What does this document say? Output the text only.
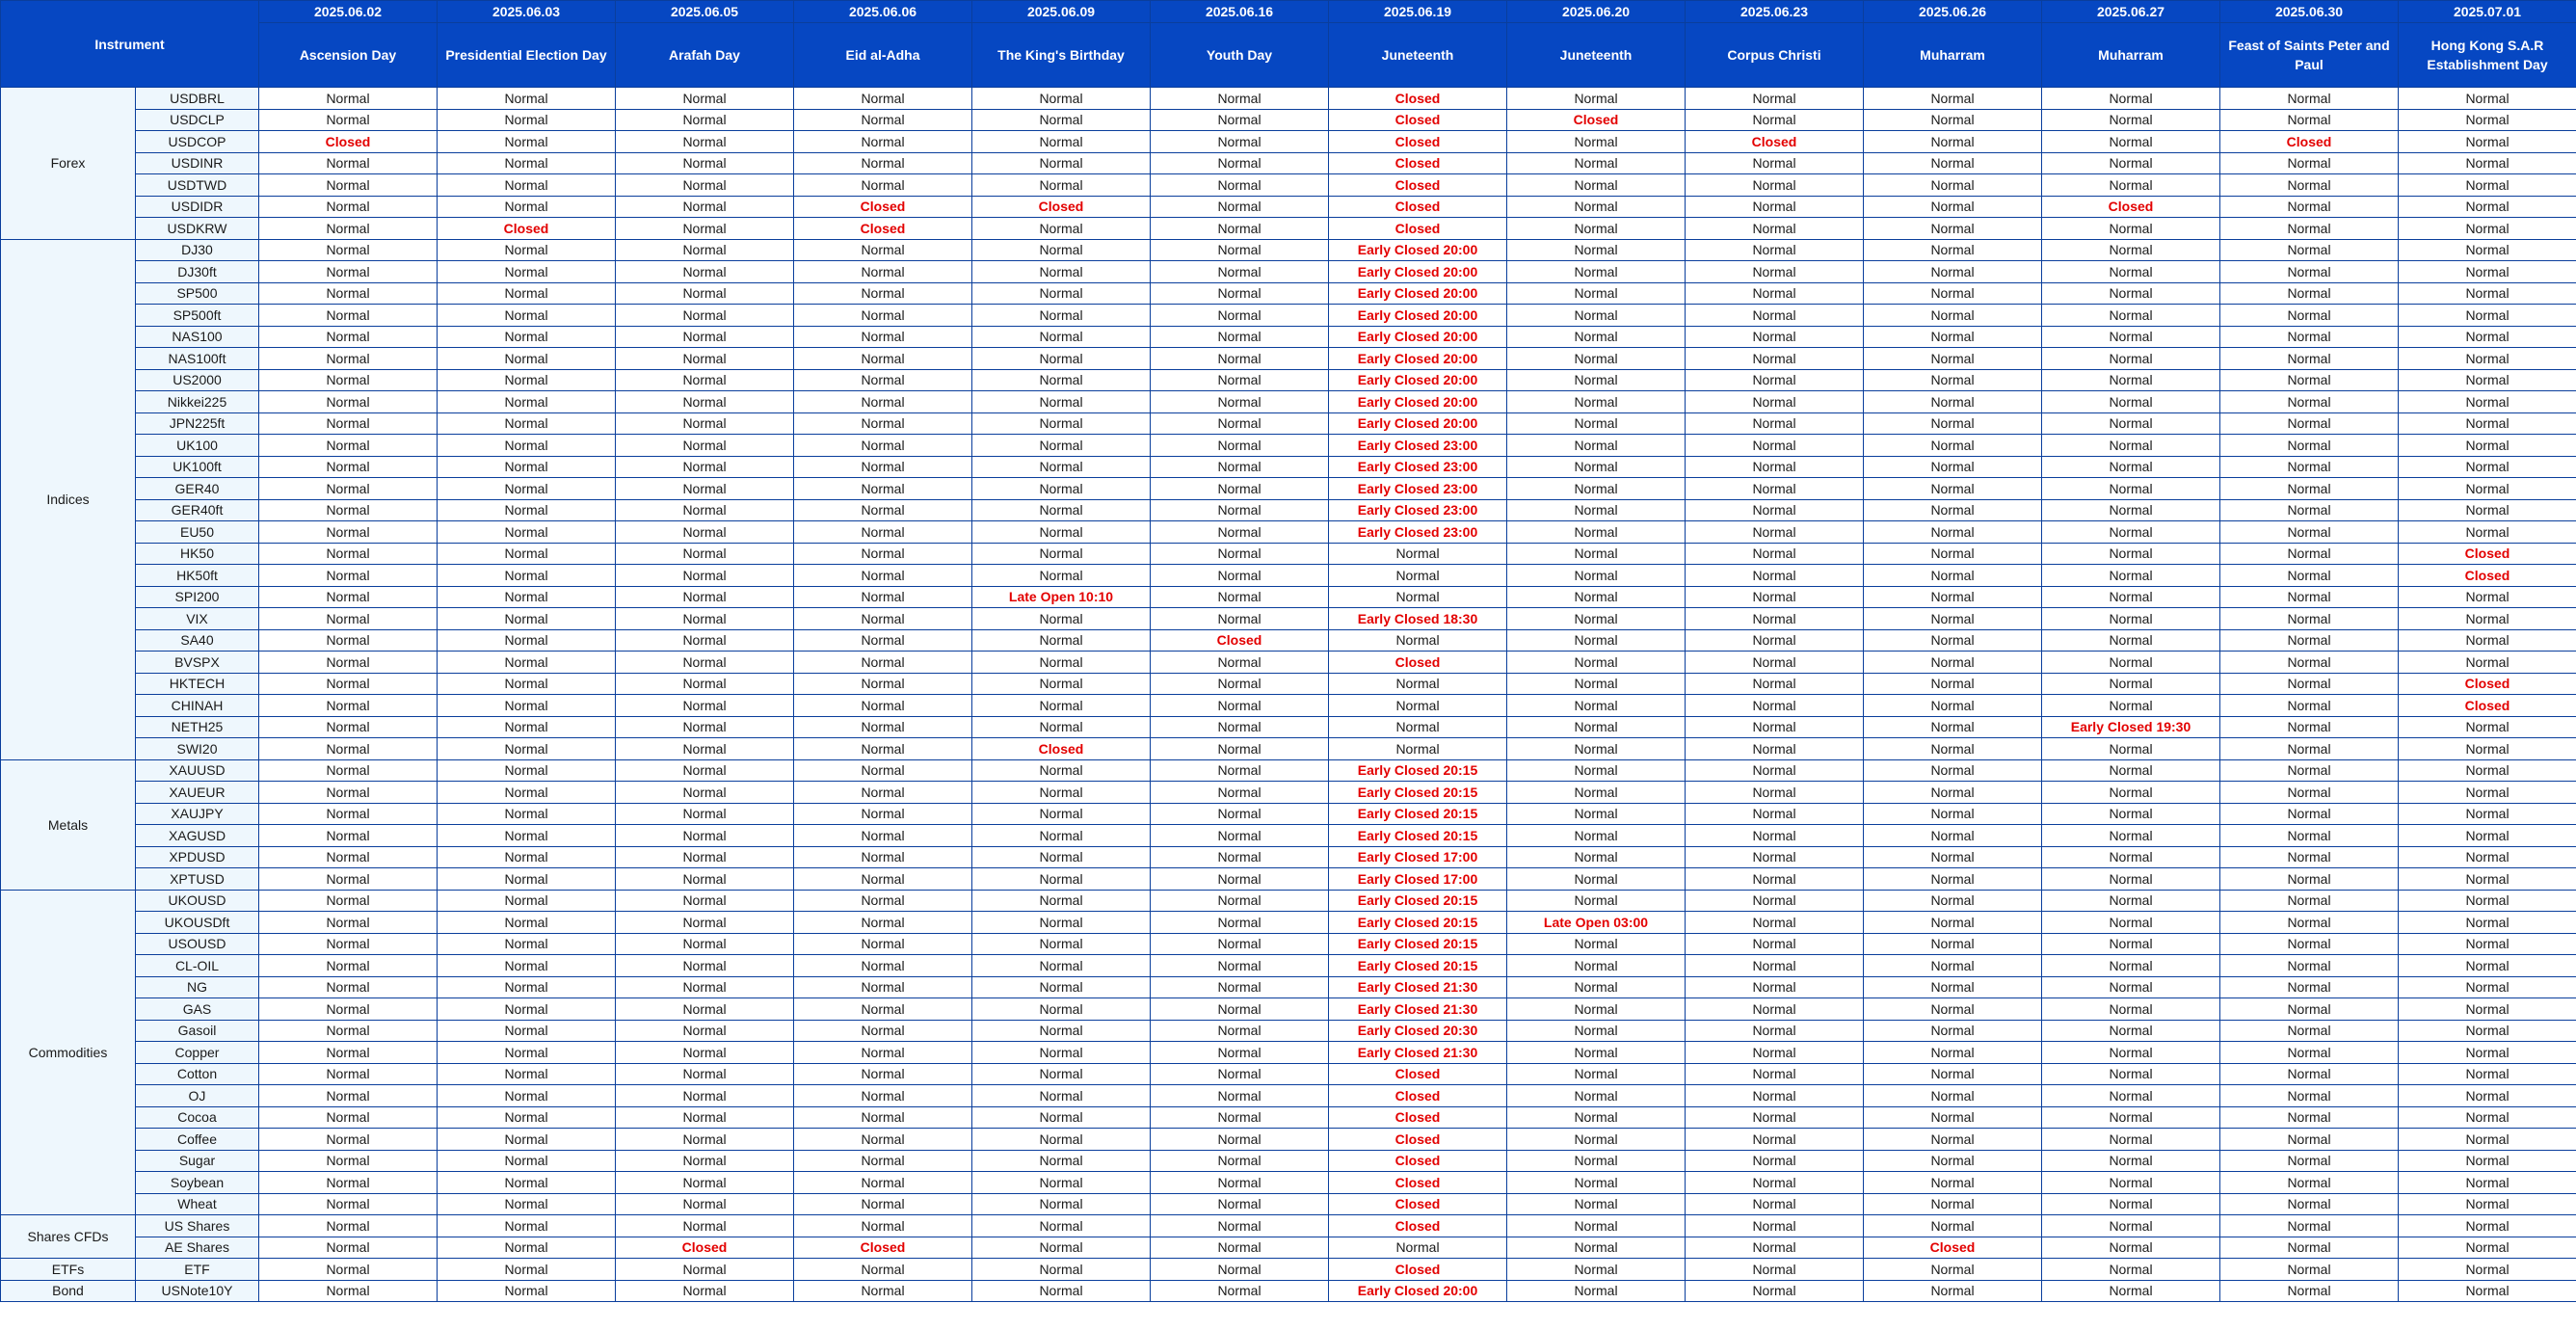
Instrument		2025.06.02	2025.06.03	2025.06.05	2025.06.06	2025.06.09	2025.06.16	2025.06.19	2025.06.20	2025.06.23	2025.06.26	2025.06.27	2025.06.30	2025.07.01
		Ascension Day	Presidential Election Day	Arafah Day	Eid al-Adha	The King's Birthday	Youth Day	Juneteenth	Juneteenth	Corpus Christi	Muharram	Muharram	Feast of Saints Peter and Paul	Hong Kong S.A.R Establishment Day
Forex	USDBRL	Normal	Normal	Normal	Normal	Normal	Normal	Closed	Normal	Normal	Normal	Normal	Normal	Normal
	USDCLP	Normal	Normal	Normal	Normal	Normal	Normal	Closed	Closed	Normal	Normal	Normal	Normal	Normal
	USDCOP	Closed	Normal	Normal	Normal	Normal	Normal	Closed	Normal	Closed	Normal	Normal	Closed	Normal
	USDINR	Normal	Normal	Normal	Normal	Normal	Normal	Closed	Normal	Normal	Normal	Normal	Normal	Normal
	USDTWD	Normal	Normal	Normal	Normal	Normal	Normal	Closed	Normal	Normal	Normal	Normal	Normal	Normal
	USDIDR	Normal	Normal	Normal	Closed	Closed	Normal	Closed	Normal	Normal	Normal	Closed	Normal	Normal
	USDKRW	Normal	Closed	Normal	Closed	Normal	Normal	Closed	Normal	Normal	Normal	Normal	Normal	Normal
Indices	DJ30	Normal	Normal	Normal	Normal	Normal	Normal	Early Closed 20:00	Normal	Normal	Normal	Normal	Normal	Normal
	DJ30ft	Normal	Normal	Normal	Normal	Normal	Normal	Early Closed 20:00	Normal	Normal	Normal	Normal	Normal	Normal
	SP500	Normal	Normal	Normal	Normal	Normal	Normal	Early Closed 20:00	Normal	Normal	Normal	Normal	Normal	Normal
	SP500ft	Normal	Normal	Normal	Normal	Normal	Normal	Early Closed 20:00	Normal	Normal	Normal	Normal	Normal	Normal
	NAS100	Normal	Normal	Normal	Normal	Normal	Normal	Early Closed 20:00	Normal	Normal	Normal	Normal	Normal	Normal
	NAS100ft	Normal	Normal	Normal	Normal	Normal	Normal	Early Closed 20:00	Normal	Normal	Normal	Normal	Normal	Normal
	US2000	Normal	Normal	Normal	Normal	Normal	Normal	Early Closed 20:00	Normal	Normal	Normal	Normal	Normal	Normal
	Nikkei225	Normal	Normal	Normal	Normal	Normal	Normal	Early Closed 20:00	Normal	Normal	Normal	Normal	Normal	Normal
	JPN225ft	Normal	Normal	Normal	Normal	Normal	Normal	Early Closed 20:00	Normal	Normal	Normal	Normal	Normal	Normal
	UK100	Normal	Normal	Normal	Normal	Normal	Normal	Early Closed 23:00	Normal	Normal	Normal	Normal	Normal	Normal
	UK100ft	Normal	Normal	Normal	Normal	Normal	Normal	Early Closed 23:00	Normal	Normal	Normal	Normal	Normal	Normal
	GER40	Normal	Normal	Normal	Normal	Normal	Normal	Early Closed 23:00	Normal	Normal	Normal	Normal	Normal	Normal
	GER40ft	Normal	Normal	Normal	Normal	Normal	Normal	Early Closed 23:00	Normal	Normal	Normal	Normal	Normal	Normal
	EU50	Normal	Normal	Normal	Normal	Normal	Normal	Early Closed 23:00	Normal	Normal	Normal	Normal	Normal	Normal
	HK50	Normal	Normal	Normal	Normal	Normal	Normal	Normal	Normal	Normal	Normal	Normal	Normal	Closed
	HK50ft	Normal	Normal	Normal	Normal	Normal	Normal	Normal	Normal	Normal	Normal	Normal	Normal	Closed
	SPI200	Normal	Normal	Normal	Normal	Late Open 10:10	Normal	Normal	Normal	Normal	Normal	Normal	Normal	Normal
	VIX	Normal	Normal	Normal	Normal	Normal	Normal	Early Closed 18:30	Normal	Normal	Normal	Normal	Normal	Normal
	SA40	Normal	Normal	Normal	Normal	Normal	Closed	Normal	Normal	Normal	Normal	Normal	Normal	Normal
	BVSPX	Normal	Normal	Normal	Normal	Normal	Normal	Closed	Normal	Normal	Normal	Normal	Normal	Normal
	HKTECH	Normal	Normal	Normal	Normal	Normal	Normal	Normal	Normal	Normal	Normal	Normal	Normal	Closed
	CHINAH	Normal	Normal	Normal	Normal	Normal	Normal	Normal	Normal	Normal	Normal	Normal	Normal	Closed
	NETH25	Normal	Normal	Normal	Normal	Normal	Normal	Normal	Normal	Normal	Normal	Early Closed 19:30	Normal	Normal
	SWI20	Normal	Normal	Normal	Normal	Closed	Normal	Normal	Normal	Normal	Normal	Normal	Normal	Normal
Metals	XAUUSD	Normal	Normal	Normal	Normal	Normal	Normal	Early Closed 20:15	Normal	Normal	Normal	Normal	Normal	Normal
	XAUEUR	Normal	Normal	Normal	Normal	Normal	Normal	Early Closed 20:15	Normal	Normal	Normal	Normal	Normal	Normal
	XAUJPY	Normal	Normal	Normal	Normal	Normal	Normal	Early Closed 20:15	Normal	Normal	Normal	Normal	Normal	Normal
	XAGUSD	Normal	Normal	Normal	Normal	Normal	Normal	Early Closed 20:15	Normal	Normal	Normal	Normal	Normal	Normal
	XPDUSD	Normal	Normal	Normal	Normal	Normal	Normal	Early Closed 17:00	Normal	Normal	Normal	Normal	Normal	Normal
	XPTUSD	Normal	Normal	Normal	Normal	Normal	Normal	Early Closed 17:00	Normal	Normal	Normal	Normal	Normal	Normal
Commodities	UKOUSD	Normal	Normal	Normal	Normal	Normal	Normal	Early Closed 20:15	Normal	Normal	Normal	Normal	Normal	Normal
	UKOUSDft	Normal	Normal	Normal	Normal	Normal	Normal	Early Closed 20:15	Late Open 03:00	Normal	Normal	Normal	Normal	Normal
	USOUSD	Normal	Normal	Normal	Normal	Normal	Normal	Early Closed 20:15	Normal	Normal	Normal	Normal	Normal	Normal
	CL-OIL	Normal	Normal	Normal	Normal	Normal	Normal	Early Closed 20:15	Normal	Normal	Normal	Normal	Normal	Normal
	NG	Normal	Normal	Normal	Normal	Normal	Normal	Early Closed 21:30	Normal	Normal	Normal	Normal	Normal	Normal
	GAS	Normal	Normal	Normal	Normal	Normal	Normal	Early Closed 21:30	Normal	Normal	Normal	Normal	Normal	Normal
	Gasoil	Normal	Normal	Normal	Normal	Normal	Normal	Early Closed 20:30	Normal	Normal	Normal	Normal	Normal	Normal
	Copper	Normal	Normal	Normal	Normal	Normal	Normal	Early Closed 21:30	Normal	Normal	Normal	Normal	Normal	Normal
	Cotton	Normal	Normal	Normal	Normal	Normal	Normal	Closed	Normal	Normal	Normal	Normal	Normal	Normal
	OJ	Normal	Normal	Normal	Normal	Normal	Normal	Closed	Normal	Normal	Normal	Normal	Normal	Normal
	Cocoa	Normal	Normal	Normal	Normal	Normal	Normal	Closed	Normal	Normal	Normal	Normal	Normal	Normal
	Coffee	Normal	Normal	Normal	Normal	Normal	Normal	Closed	Normal	Normal	Normal	Normal	Normal	Normal
	Sugar	Normal	Normal	Normal	Normal	Normal	Normal	Closed	Normal	Normal	Normal	Normal	Normal	Normal
	Soybean	Normal	Normal	Normal	Normal	Normal	Normal	Closed	Normal	Normal	Normal	Normal	Normal	Normal
	Wheat	Normal	Normal	Normal	Normal	Normal	Normal	Closed	Normal	Normal	Normal	Normal	Normal	Normal
Shares CFDs	US Shares	Normal	Normal	Normal	Normal	Normal	Normal	Closed	Normal	Normal	Normal	Normal	Normal	Normal
	AE Shares	Normal	Normal	Closed	Closed	Normal	Normal	Normal	Normal	Normal	Closed	Normal	Normal	Normal
ETFs	ETF	Normal	Normal	Normal	Normal	Normal	Normal	Closed	Normal	Normal	Normal	Normal	Normal	Normal
Bond	USNote10Y	Normal	Normal	Normal	Normal	Normal	Normal	Early Closed 20:00	Normal	Normal	Normal	Normal	Normal	Normal
